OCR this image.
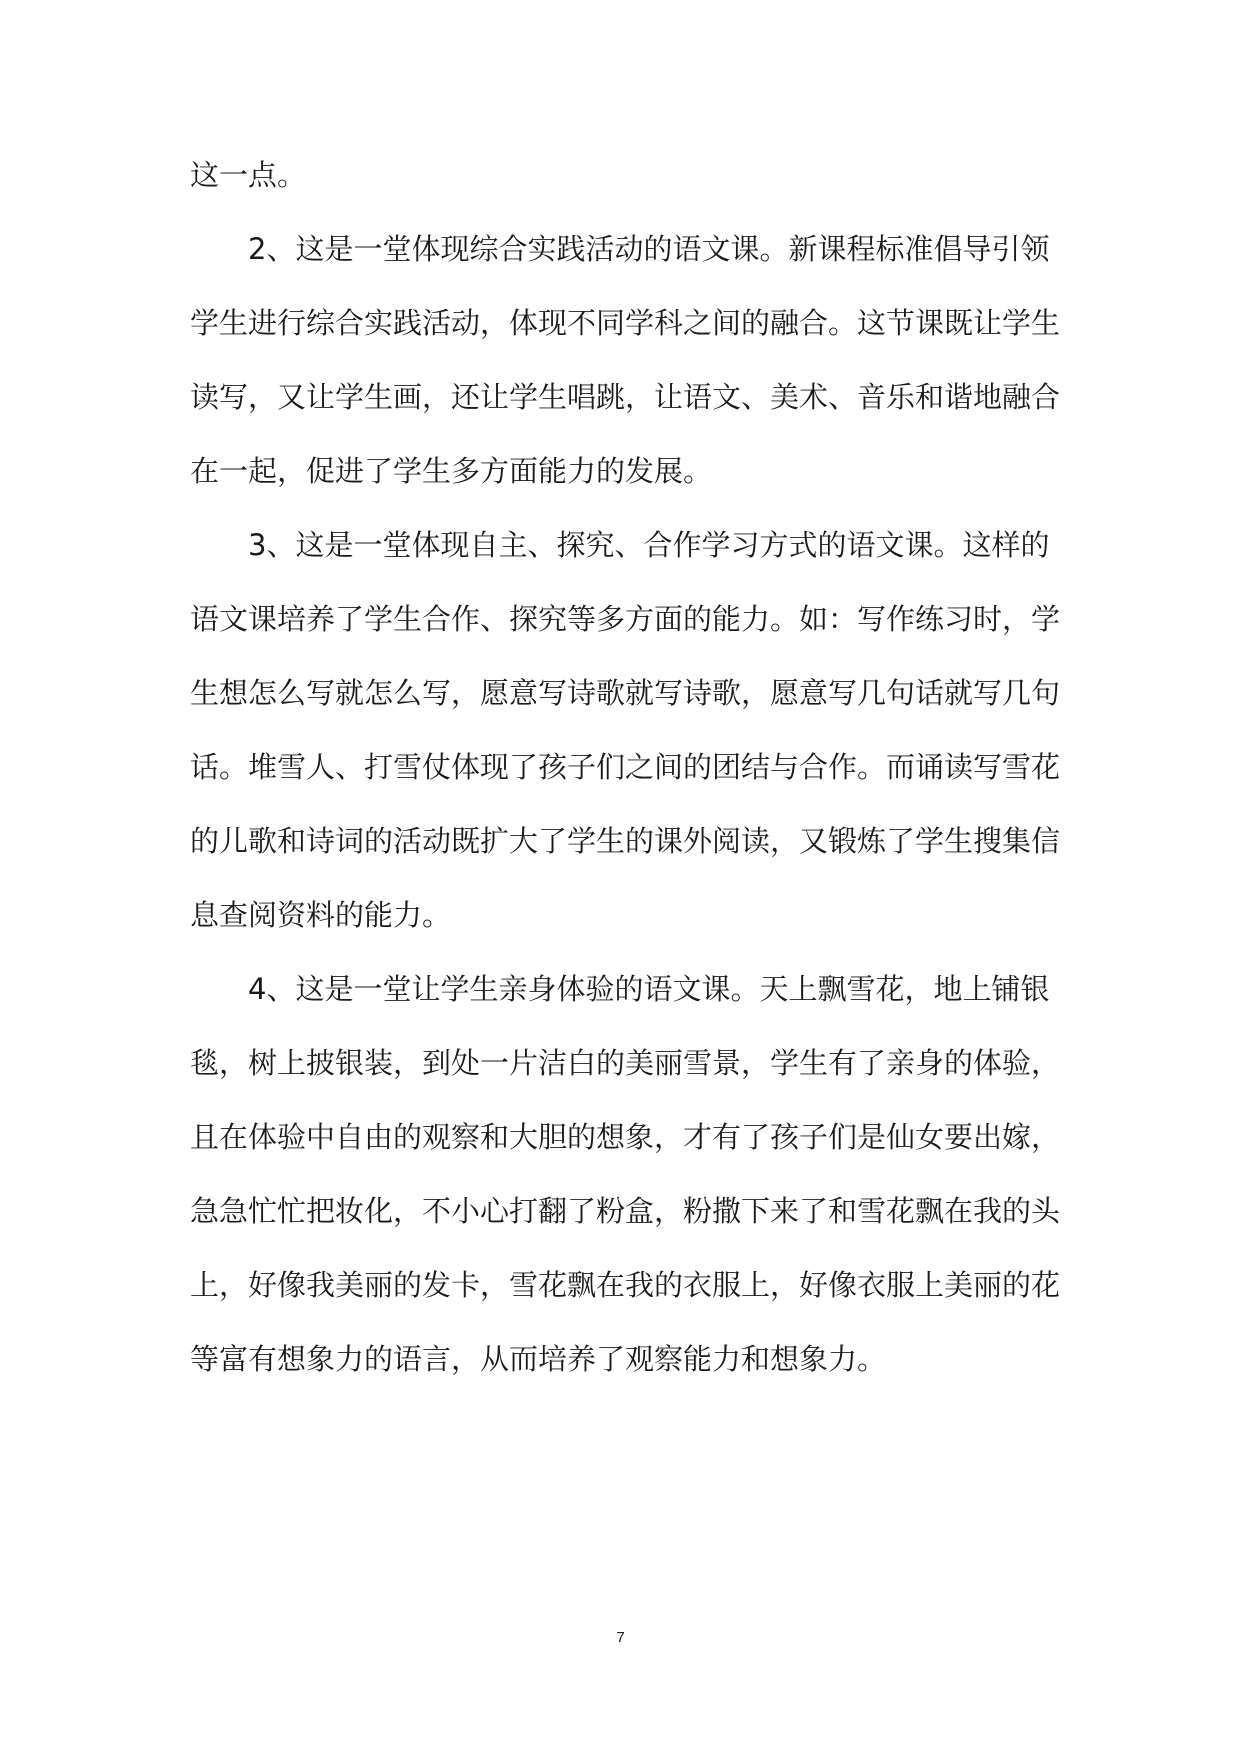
这一点。
2、这是一堂体现综合实践活动的语文课。新课程标准倡导引领
学生进行综合实践活动，体现不同学科之间的融合。这节课既让学生
读写，又让学生画，还让学生唱跳，让语文、美术、音乐和谐地融合
在一起，促进了学生多方面能力的发展。
3、这是一堂体现自主、探究、合作学习方式的语文课。这样的
语文课培养了学生合作、探究等多方面的能力。如：写作练习时，学
生想怎么写就怎么写，愿意写诗歌就写诗歌，愿意写几句话就写几句
话。堆雪人、打雪仗体现了孩子们之间的团结与合作。而诵读写雪花
的儿歌和诗词的活动既扩大了学生的课外阅读，又锻炼了学生搜集信
息查阅资料的能力。
4、这是一堂让学生亲身体验的语文课。天上飘雪花，地上铺银
毯，树上披银装，到处一片洁白的美丽雪景，学生有了亲身的体验，
且在体验中自由的观察和大胆的想象，才有了孩子们是仙女要出嫁，
急急忙忙把妆化，不小心打翻了粉盒，粉撒下来了和雪花飘在我的头
上，好像我美丽的发卡，雪花飘在我的衣服上，好像衣服上美丽的花
等富有想象力的语言，从而培养了观察能力和想象力。
7
